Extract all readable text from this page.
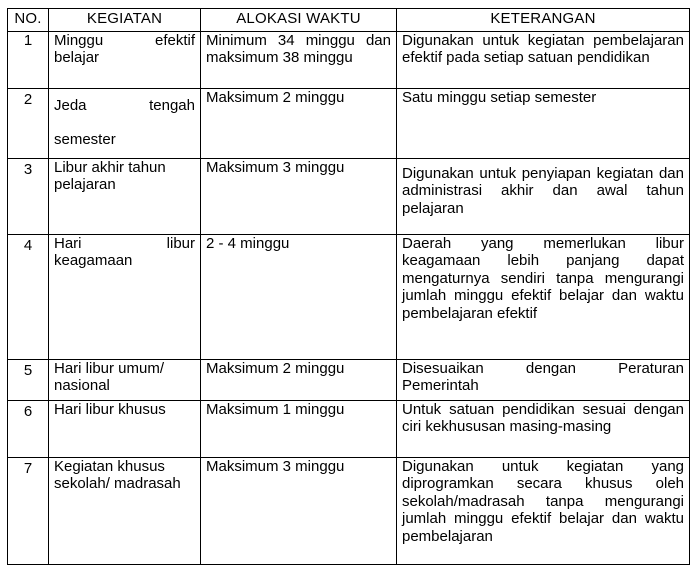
NO.	KEGIATAN	ALOKASI WAKTU	KETERANGAN
1	Minggu efektif belajar	Minimum 34 minggu dan maksimum 38 minggu	Digunakan untuk kegiatan pembelajaran efektif pada setiap satuan pendidikan
2	Jeda tengah semester	Maksimum 2 minggu	Satu minggu setiap semester
3	Libur akhir tahun pelajaran	Maksimum 3 minggu	Digunakan untuk penyiapan kegiatan dan administrasi akhir dan awal tahun pelajaran
4	Hari libur keagamaan	2 - 4 minggu	Daerah yang memerlukan libur keagamaan lebih panjang dapat mengaturnya sendiri tanpa mengurangi jumlah minggu efektif belajar dan waktu pembelajaran efektif
5	Hari libur umum/ nasional	Maksimum 2 minggu	Disesuaikan dengan Peraturan Pemerintah
6	Hari libur khusus	Maksimum 1 minggu	Untuk satuan pendidikan sesuai dengan ciri kekhususan masing-masing
7	Kegiatan khusus sekolah/ madrasah	Maksimum 3 minggu	Digunakan untuk kegiatan yang diprogramkan secara khusus oleh sekolah/madrasah tanpa mengurangi jumlah minggu efektif belajar dan waktu pembelajaran
